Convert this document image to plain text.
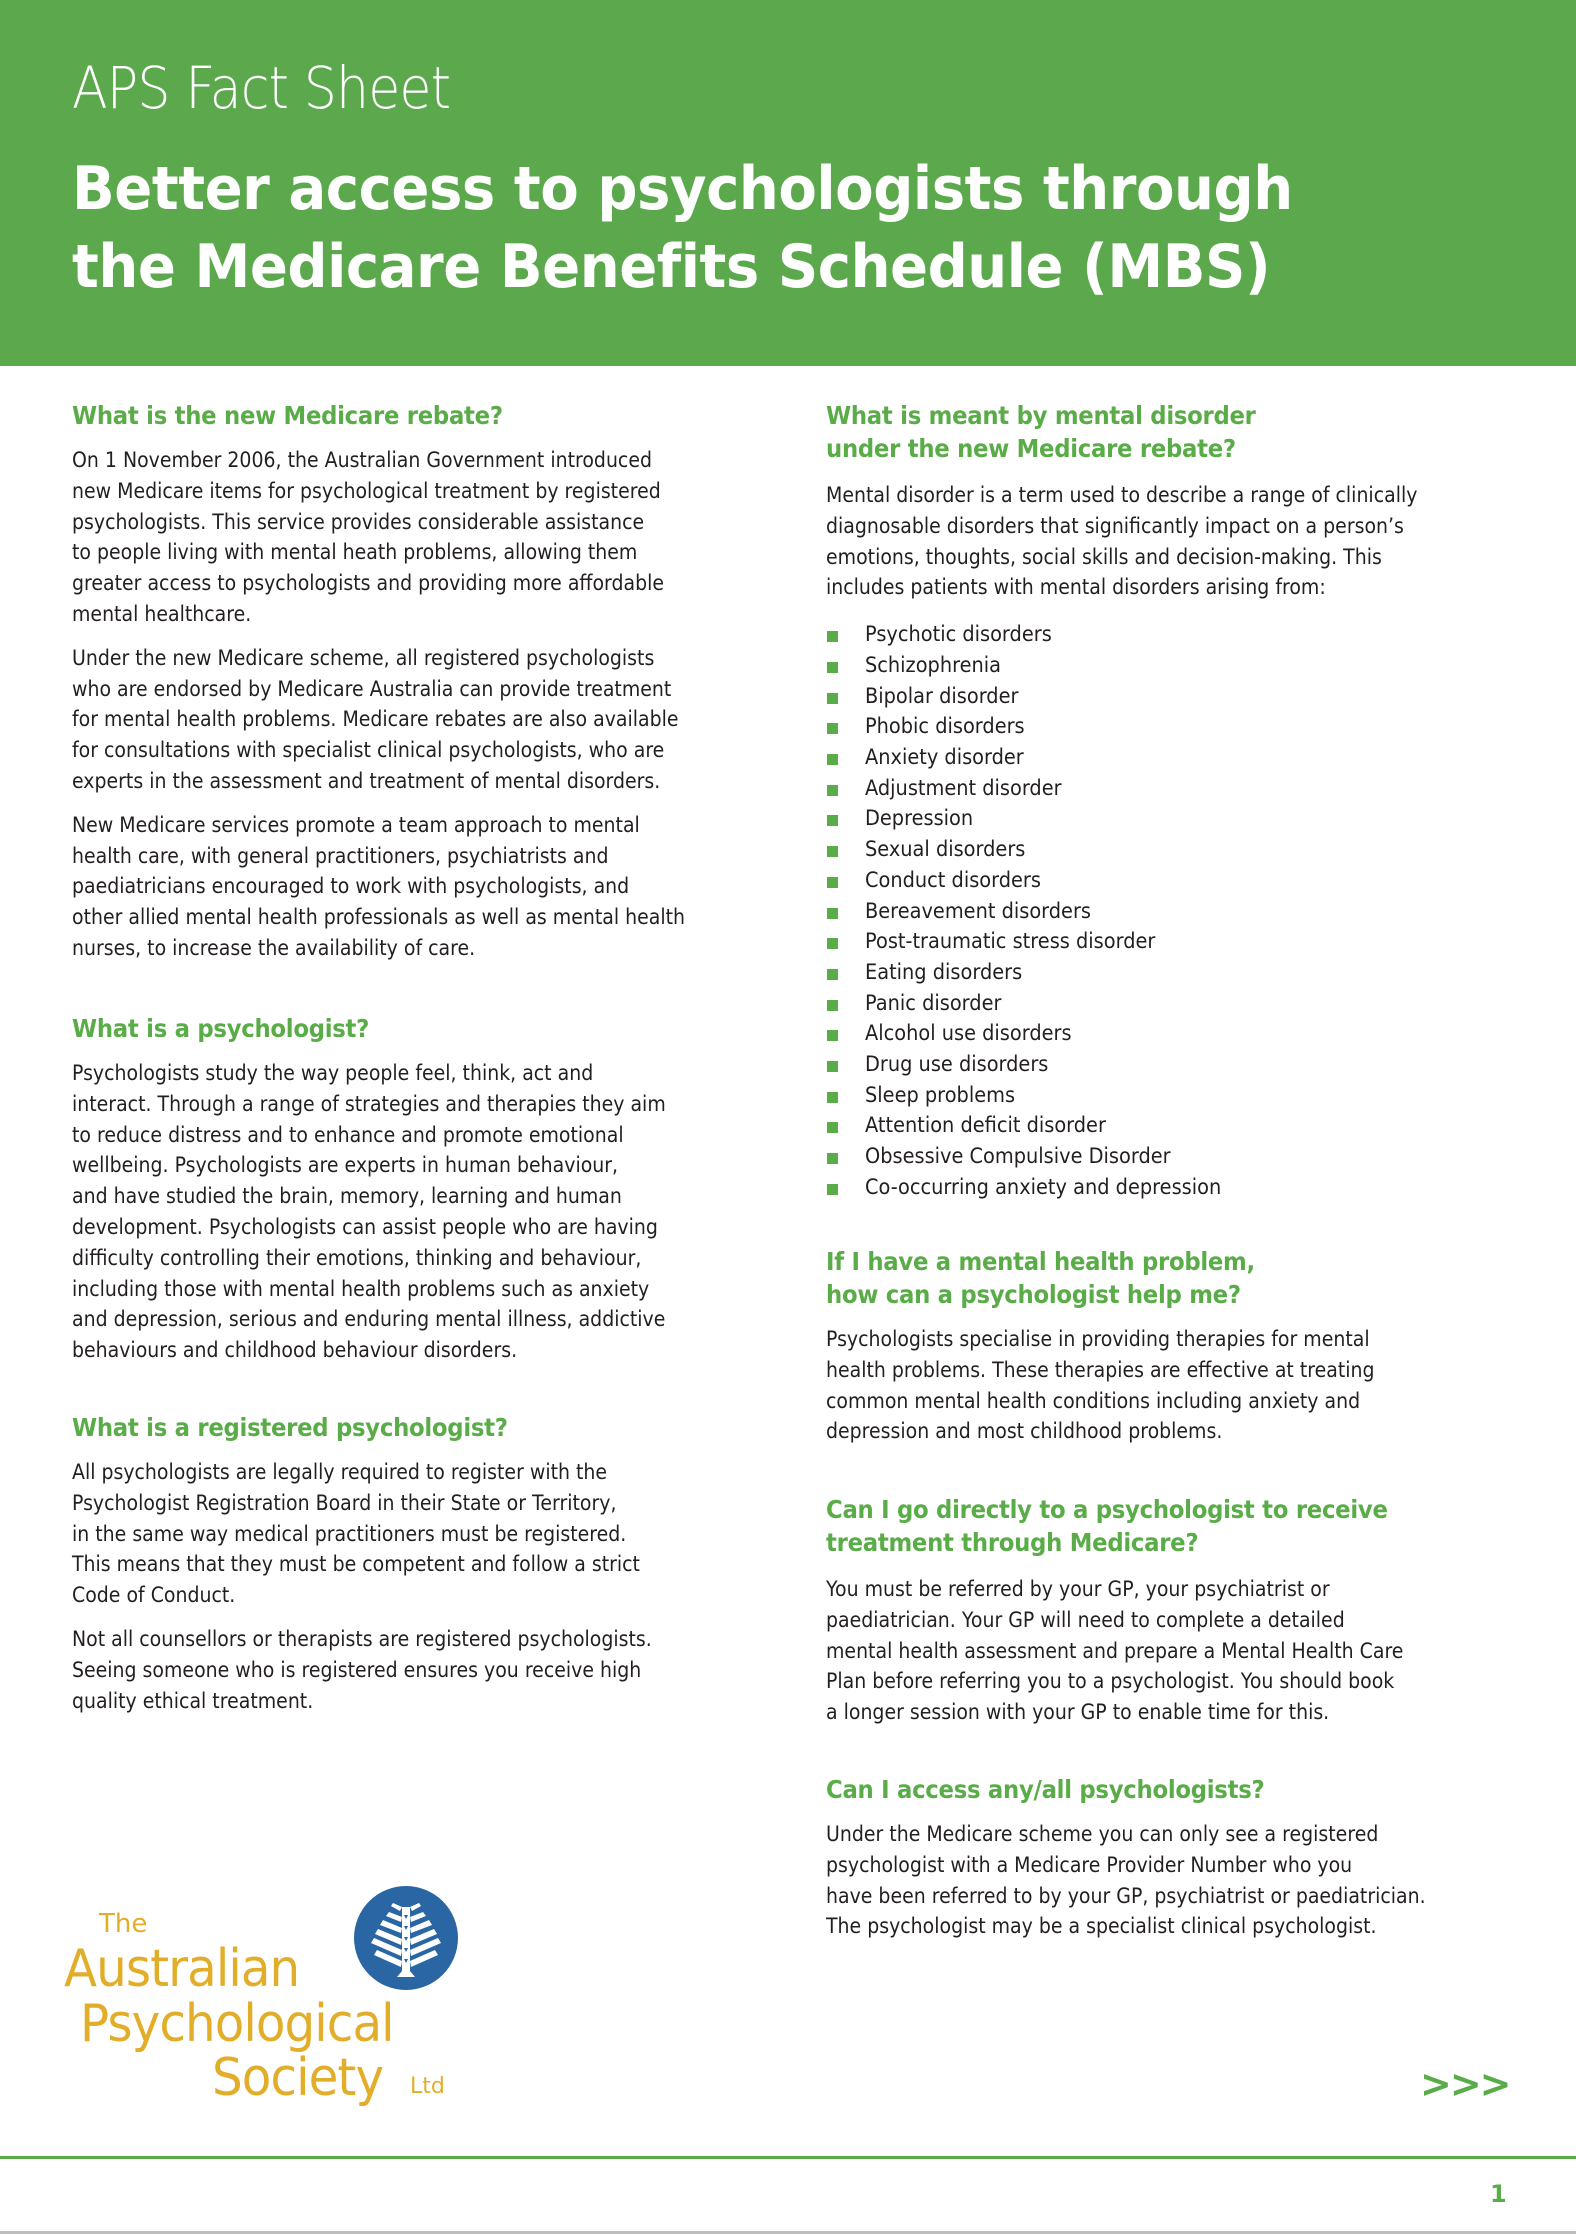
APS Fact Sheet
Better access to psychologists through
the Medicare Benefits Schedule (MBS)
What is the new Medicare rebate?

On 1 November 2006, the Australian Government introduced
new Medicare items for psychological treatment by registered
psychologists. This service provides considerable assistance
to people living with mental heath problems, allowing them
greater access to psychologists and providing more affordable
mental healthcare.

Under the new Medicare scheme, all registered psychologists
who are endorsed by Medicare Australia can provide treatment
for mental health problems. Medicare rebates are also available
for consultations with specialist clinical psychologists, who are
experts in the assessment and treatment of mental disorders.

New Medicare services promote a team approach to mental
health care, with general practitioners, psychiatrists and
paediatricians encouraged to work with psychologists, and
other allied mental health professionals as well as mental health
nurses, to increase the availability of care.

What is a psychologist?

Psychologists study the way people feel, think, act and
interact. Through a range of strategies and therapies they aim
to reduce distress and to enhance and promote emotional
wellbeing. Psychologists are experts in human behaviour,
and have studied the brain, memory, learning and human
development. Psychologists can assist people who are having
difficulty controlling their emotions, thinking and behaviour,
including those with mental health problems such as anxiety
and depression, serious and enduring mental illness, addictive
behaviours and childhood behaviour disorders.

What is a registered psychologist?

All psychologists are legally required to register with the
Psychologist Registration Board in their State or Territory,
in the same way medical practitioners must be registered.
This means that they must be competent and follow a strict
Code of Conduct.

Not all counsellors or therapists are registered psychologists.
Seeing someone who is registered ensures you receive high
quality ethical treatment.

What is meant by mental disorder
under the new Medicare rebate?

Mental disorder is a term used to describe a range of clinically
diagnosable disorders that significantly impact on a person’s
emotions, thoughts, social skills and decision-making. This
includes patients with mental disorders arising from:

Psychotic disorders
Schizophrenia
Bipolar disorder
Phobic disorders
Anxiety disorder
Adjustment disorder
Depression
Sexual disorders
Conduct disorders
Bereavement disorders
Post-traumatic stress disorder
Eating disorders
Panic disorder
Alcohol use disorders
Drug use disorders
Sleep problems
Attention deficit disorder
Obsessive Compulsive Disorder
Co-occurring anxiety and depression
If I have a mental health problem,
how can a psychologist help me?

Psychologists specialise in providing therapies for mental
health problems. These therapies are effective at treating
common mental health conditions including anxiety and
depression and most childhood problems.

Can I go directly to a psychologist to receive
treatment through Medicare?

You must be referred by your GP, your psychiatrist or
paediatrician. Your GP will need to complete a detailed
mental health assessment and prepare a Mental Health Care
Plan before referring you to a psychologist. You should book
a longer session with your GP to enable time for this.

Can I access any/all psychologists?

Under the Medicare scheme you can only see a registered
psychologist with a Medicare Provider Number who you
have been referred to by your GP, psychiatrist or paediatrician.
The psychologist may be a specialist clinical psychologist.

The
Australian
Psychological
Society Ltd	>>>
1
